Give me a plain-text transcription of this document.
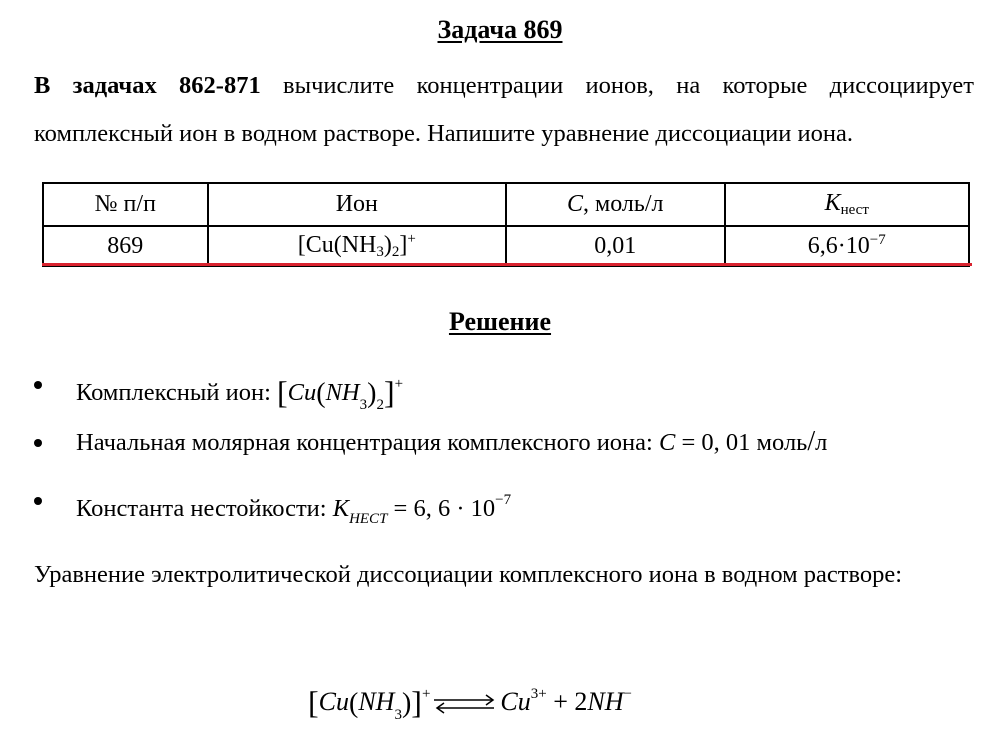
Задача 869
В задачах 862-871 вычислите концентрации ионов, на которые диссоциирует комплексный ион в водном растворе. Напишите уравнение диссоциации иона.
№ п/п	Ион	C, моль/л	$K_{нест}$
869	$[Cu(NH_3)_2]^+$	0,01	$6,6\cdot 10^{-7}$
Решение
Комплексный ион: $[Cu(NH_3)_2]^+$
Начальная молярная концентрация комплексного иона: C = 0, 01 моль/л
Константа нестойкости: $K_{НЕСТ} = 6$, $6 \cdot 10^{-7}$
Уравнение электролитической диссоциации комплексного иона в водном растворе:
$[Cu(NH_3)]^+$ ⇌ $Cu^{3+} + 2NH^-$
